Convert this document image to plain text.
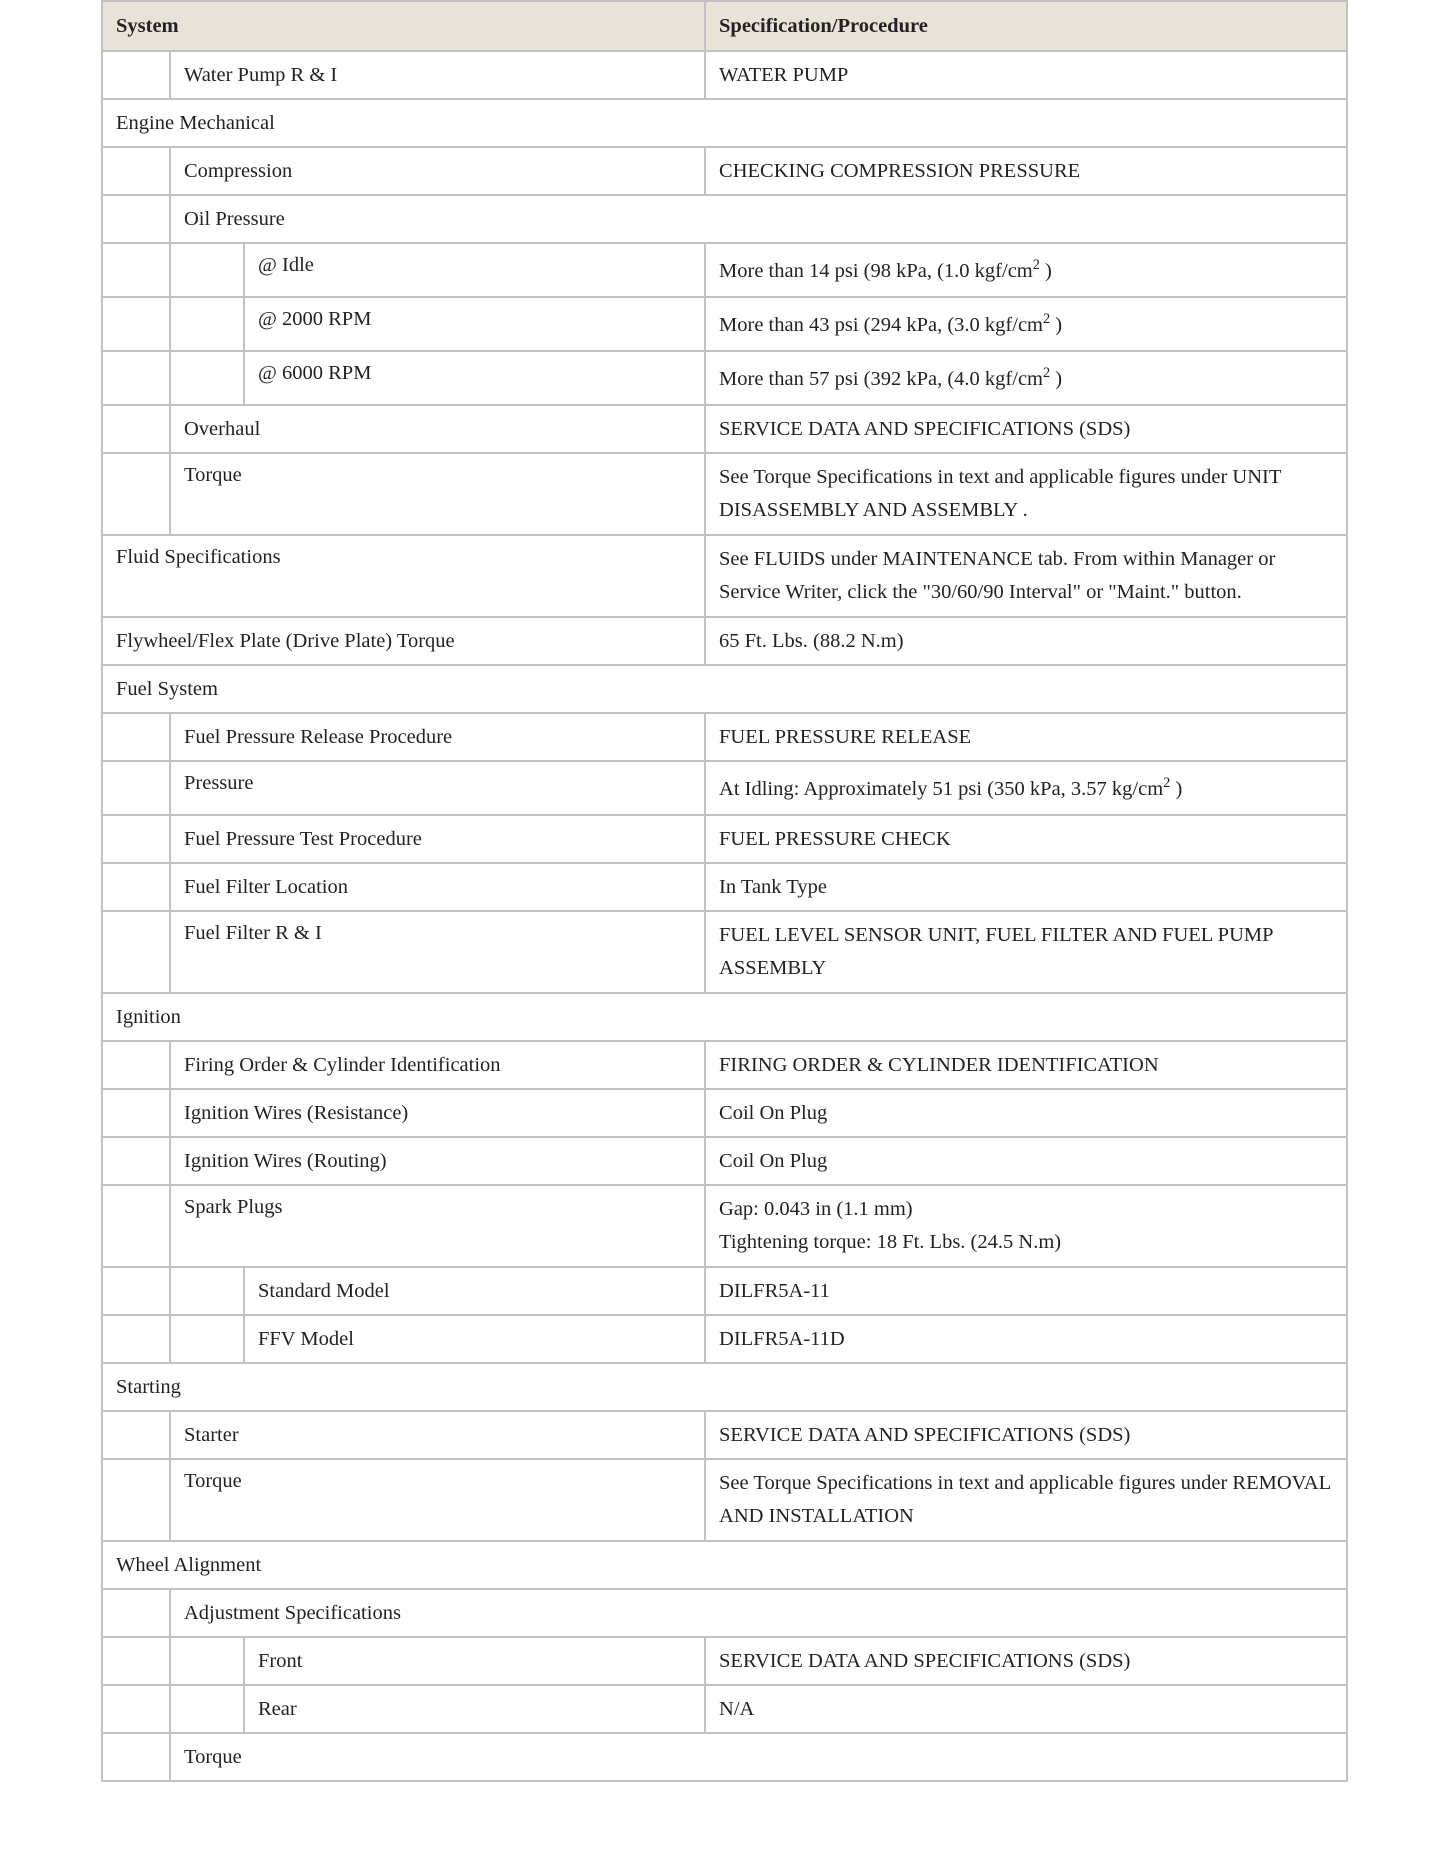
System			Specification/Procedure
	Water Pump R & I		WATER PUMP
Engine Mechanical			
	Compression		CHECKING COMPRESSION PRESSURE
	Oil Pressure		
		@ Idle	More than 14 psi (98 kPa, (1.0 kgf/$cm^2$ )
		@ 2000 RPM	More than 43 psi (294 kPa, (3.0 kgf/$cm^2$ )
		@ 6000 RPM	More than 57 psi (392 kPa, (4.0 kgf/$cm^2$ )
	Overhaul		SERVICE DATA AND SPECIFICATIONS (SDS)
	Torque		See Torque Specifications in text and applicable figures under UNIT DISASSEMBLY AND ASSEMBLY .
Fluid Specifications			See FLUIDS under MAINTENANCE tab. From within Manager or Service Writer, click the "30/60/90 Interval" or "Maint." button.
Flywheel/Flex Plate (Drive Plate) Torque			65 Ft. Lbs. (88.2 N.m)
Fuel System			
	Fuel Pressure Release Procedure		FUEL PRESSURE RELEASE
	Pressure		At Idling: Approximately 51 psi (350 kPa, 3.57 $kg/cm^2$ )
	Fuel Pressure Test Procedure		FUEL PRESSURE CHECK
	Fuel Filter Location		In Tank Type
	Fuel Filter R & I		FUEL LEVEL SENSOR UNIT, FUEL FILTER AND FUEL PUMP ASSEMBLY
Ignition			
	Firing Order & Cylinder Identification		FIRING ORDER & CYLINDER IDENTIFICATION
	Ignition Wires (Resistance)		Coil On Plug
	Ignition Wires (Routing)		Coil On Plug
	Spark Plugs		Gap: 0.043 in (1.1 mm)
Tightening torque: 18 Ft. Lbs. (24.5 N.m)

		Standard Model	DILFR5A-11
		FFV Model	DILFR5A-11D
Starting			
	Starter		SERVICE DATA AND SPECIFICATIONS (SDS)
	Torque		See Torque Specifications in text and applicable figures under REMOVAL AND INSTALLATION
Wheel Alignment			
	Adjustment Specifications		
		Front	SERVICE DATA AND SPECIFICATIONS (SDS)
		Rear	N/A
	Torque		
